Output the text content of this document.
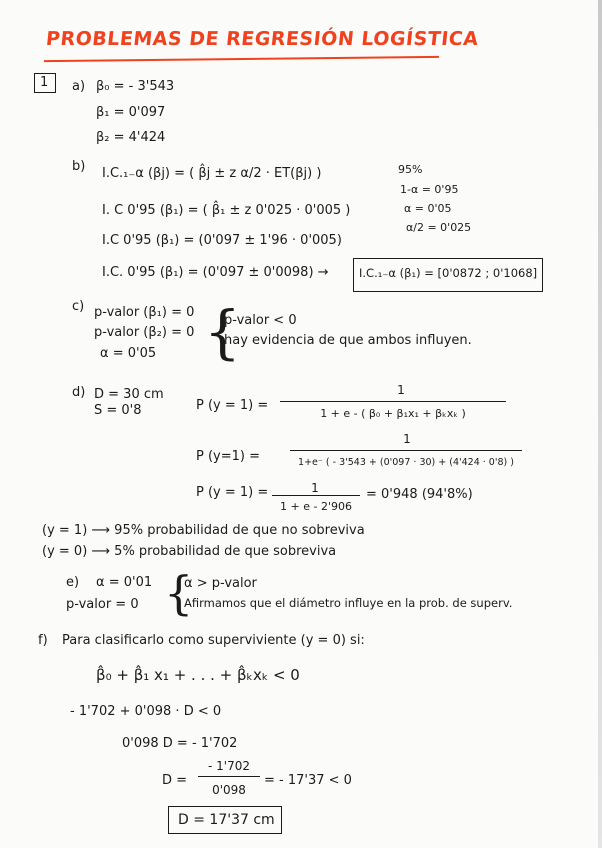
PROBLEMAS DE REGRESIÓN LOGÍSTICA
1 a) β₀ = - 3'543
β₁ = 0'097
β₂ = 4'424
b) I.C.₁₋α (βj) = ( β̂j ± z α/2 · ET(βj) )
I. C 0'95 (β₁) = ( β̂₁ ± z 0'025 · 0'005 )
I.C 0'95 (β₁) = (0'097 ± 1'96 · 0'005)
I.C. 0'95 (β₁) = (0'097 ± 0'0098) →	I.C.₁₋α (β₁) = [0'0872 ; 0'1068]
95%
1-α = 0'95
α = 0'05
α/2 = 0'025
c) p-valor (β₁) = 0
p-valor (β₂) = 0
α = 0'05 {
p-valor < 0
hay evidencia de que ambos influyen.
d) D = 30 cm
S = 0'8	P (y = 1) =
1
1 + e - ( β₀ + β₁x₁ + βₖxₖ )
P (y=1) =
1
1+e⁻ ( - 3'543 + (0'097 · 30) + (4'424 · 0'8) )
P (y = 1) =	1
1 + e - 2'906
= 0'948 (94'8%)
(y = 1) ⟶ 95% probabilidad de que no sobreviva
(y = 0) ⟶ 5% probabilidad de que sobreviva
e) α = 0'01
p-valor = 0 {
α > p-valor
Afirmamos que el diámetro influye en la prob. de superv.
f) Para clasificarlo como superviviente (y = 0) si:
β̂₀ + β̂₁ x₁ + . . . + β̂ₖxₖ < 0
- 1'702 + 0'098 · D < 0
0'098 D = - 1'702
D =
- 1'702
0'098
= - 17'37 < 0
D = 17'37 cm
